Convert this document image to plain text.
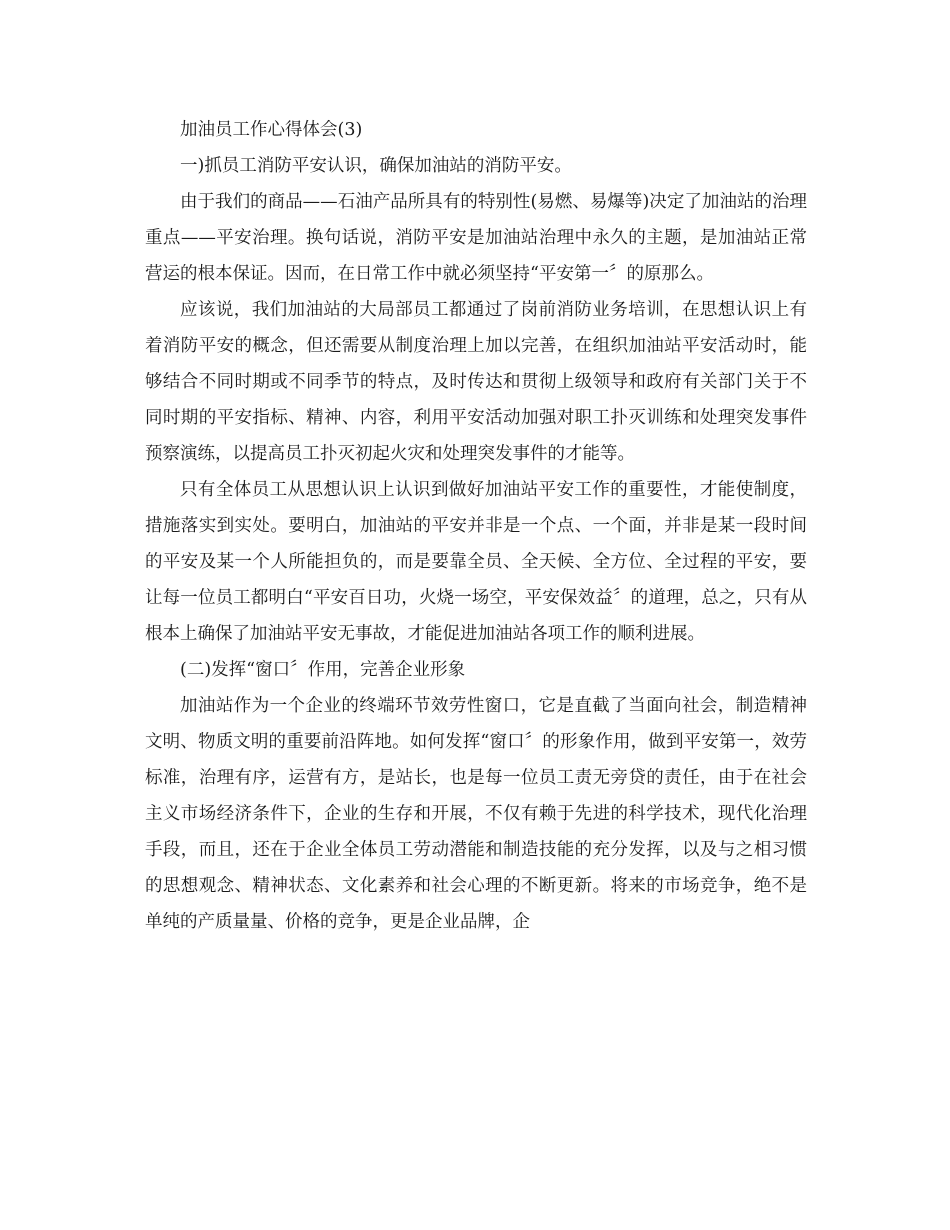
加油员工作心得体会(3)

一)抓员工消防平安认识，确保加油站的消防平安。

由于我们的商品——石油产品所具有的特别性(易燃、易爆等)决定了加油站的治理重点——平安治理。换句话说，消防平安是加油站治理中永久的主题，是加油站正常营运的根本保证。因而，在日常工作中就必须坚持“平安第一〞的原那么。

应该说，我们加油站的大局部员工都通过了岗前消防业务培训，在思想认识上有着消防平安的概念，但还需要从制度治理上加以完善，在组织加油站平安活动时，能够结合不同时期或不同季节的特点，及时传达和贯彻上级领导和政府有关部门关于不同时期的平安指标、精神、内容，利用平安活动加强对职工扑灭训练和处理突发事件预察演练，以提高员工扑灭初起火灾和处理突发事件的才能等。

只有全体员工从思想认识上认识到做好加油站平安工作的重要性，才能使制度，措施落实到实处。要明白，加油站的平安并非是一个点、一个面，并非是某一段时间的平安及某一个人所能担负的，而是要靠全员、全天候、全方位、全过程的平安，要让每一位员工都明白“平安百日功，火烧一场空，平安保效益〞的道理，总之，只有从根本上确保了加油站平安无事故，才能促进加油站各项工作的顺利进展。

(二)发挥“窗口〞作用，完善企业形象

加油站作为一个企业的终端环节效劳性窗口，它是直截了当面向社会，制造精神文明、物质文明的重要前沿阵地。如何发挥“窗口〞的形象作用，做到平安第一，效劳标准，治理有序，运营有方，是站长，也是每一位员工责无旁贷的责任，由于在社会主义市场经济条件下，企业的生存和开展，不仅有赖于先进的科学技术，现代化治理手段，而且，还在于企业全体员工劳动潜能和制造技能的充分发挥，以及与之相习惯的思想观念、精神状态、文化素养和社会心理的不断更新。将来的市场竞争，绝不是单纯的产质量量、价格的竞争，更是企业品牌，企
